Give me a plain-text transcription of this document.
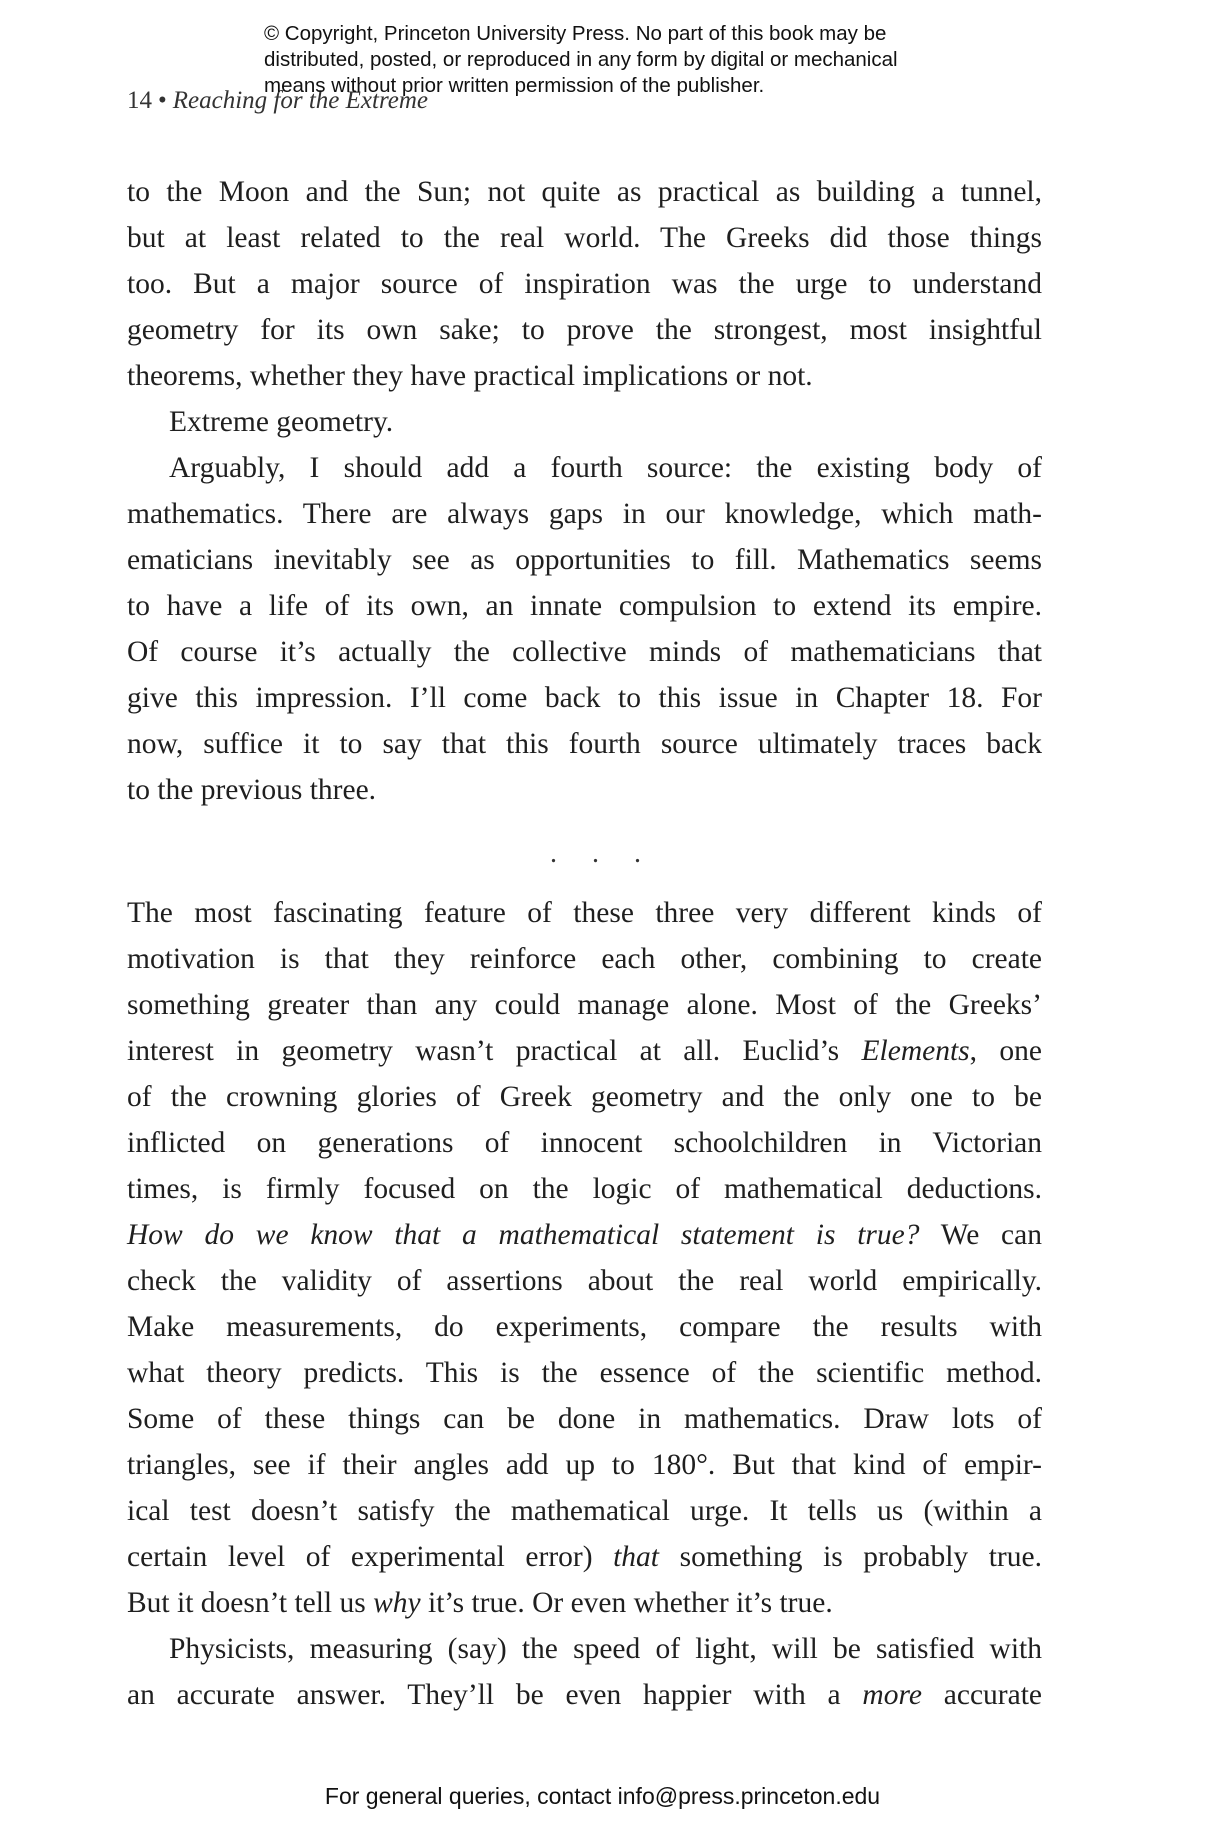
© Copyright, Princeton University Press. No part of this book may be
distributed, posted, or reproduced in any form by digital or mechanical
means without prior written permission of the publisher.
14 • Reaching for the Extreme
to the Moon and the Sun; not quite as practical as building a tunnel,
but at least related to the real world. The Greeks did those things
too. But a major source of inspiration was the urge to understand
geometry for its own sake; to prove the strongest, most insightful
theorems, whether they have practical implications or not.
Extreme geometry.
Arguably, I should add a fourth source: the existing body of
mathematics. There are always gaps in our knowledge, which math-
ematicians inevitably see as opportunities to fill. Mathematics seems
to have a life of its own, an innate compulsion to extend its empire.
Of course it’s actually the collective minds of mathematicians that
give this impression. I’ll come back to this issue in Chapter 18. For
now, suffice it to say that this fourth source ultimately traces back
to the previous three.
. . .
The most fascinating feature of these three very different kinds of
motivation is that they reinforce each other, combining to create
something greater than any could manage alone. Most of the Greeks’
interest in geometry wasn’t practical at all. Euclid’s Elements, one
of the crowning glories of Greek geometry and the only one to be
inflicted on generations of innocent schoolchildren in Victorian
times, is firmly focused on the logic of mathematical deductions.
How do we know that a mathematical statement is true? We can
check the validity of assertions about the real world empirically.
Make measurements, do experiments, compare the results with
what theory predicts. This is the essence of the scientific method.
Some of these things can be done in mathematics. Draw lots of
triangles, see if their angles add up to 180°. But that kind of empir-
ical test doesn’t satisfy the mathematical urge. It tells us (within a
certain level of experimental error) that something is probably true.
But it doesn’t tell us why it’s true. Or even whether it’s true.
Physicists, measuring (say) the speed of light, will be satisfied with
an accurate answer. They’ll be even happier with a more accurate
For general queries, contact info@press.princeton.edu
